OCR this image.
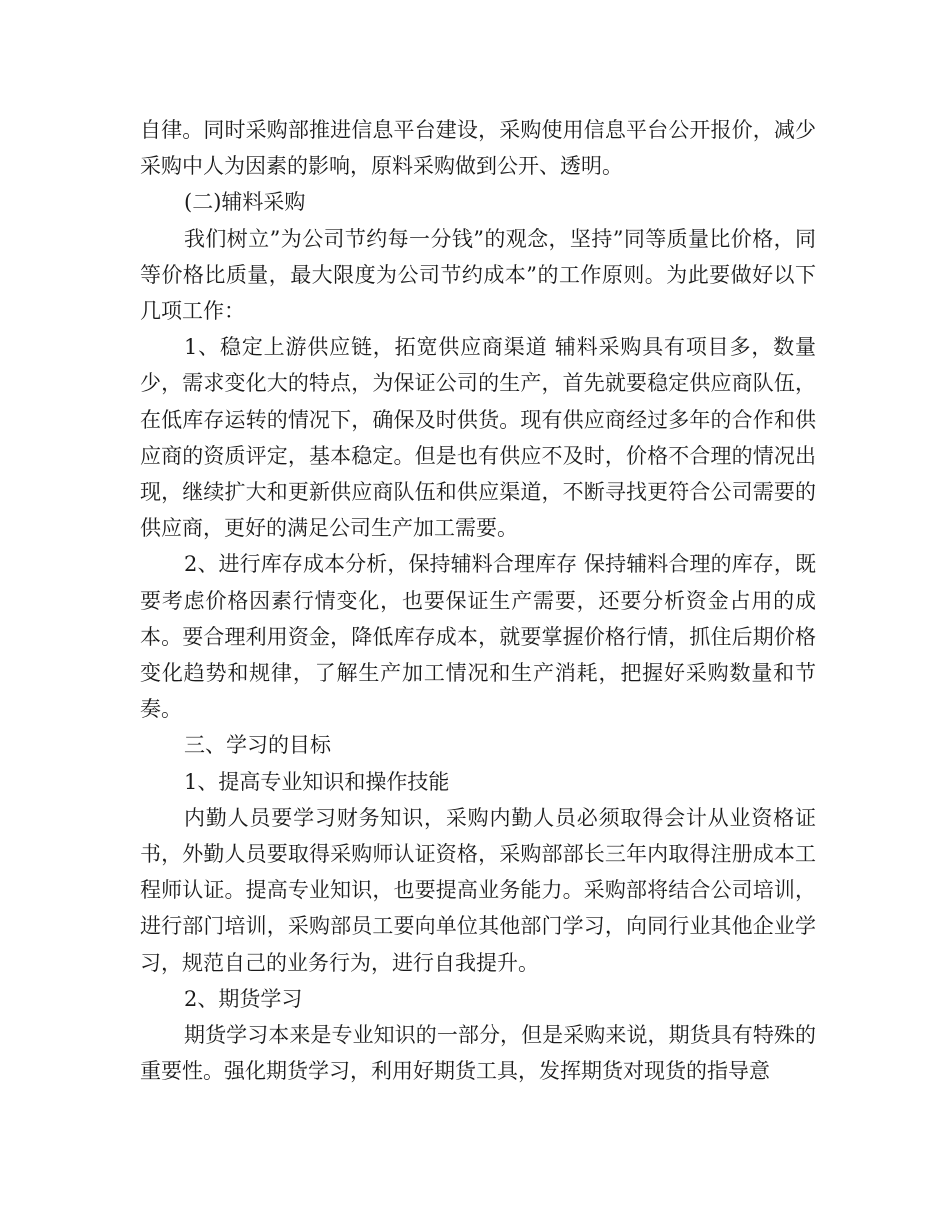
自律。同时采购部推进信息平台建设，采购使用信息平台公开报价，减少采购中人为因素的影响，原料采购做到公开、透明。

(二)辅料采购

我们树立”为公司节约每一分钱”的观念，坚持”同等质量比价格，同等价格比质量，最大限度为公司节约成本”的工作原则。为此要做好以下几项工作：

1、稳定上游供应链，拓宽供应商渠道 辅料采购具有项目多，数量少，需求变化大的特点，为保证公司的生产，首先就要稳定供应商队伍，在低库存运转的情况下，确保及时供货。现有供应商经过多年的合作和供应商的资质评定，基本稳定。但是也有供应不及时，价格不合理的情况出现，继续扩大和更新供应商队伍和供应渠道，不断寻找更符合公司需要的供应商，更好的满足公司生产加工需要。

2、进行库存成本分析，保持辅料合理库存 保持辅料合理的库存，既要考虑价格因素行情变化，也要保证生产需要，还要分析资金占用的成本。要合理利用资金，降低库存成本，就要掌握价格行情，抓住后期价格变化趋势和规律，了解生产加工情况和生产消耗，把握好采购数量和节奏。

三、学习的目标

1、提高专业知识和操作技能

内勤人员要学习财务知识，采购内勤人员必须取得会计从业资格证书，外勤人员要取得采购师认证资格，采购部部长三年内取得注册成本工程师认证。提高专业知识，也要提高业务能力。采购部将结合公司培训，进行部门培训，采购部员工要向单位其他部门学习，向同行业其他企业学习，规范自己的业务行为，进行自我提升。

2、期货学习

期货学习本来是专业知识的一部分，但是采购来说，期货具有特殊的重要性。强化期货学习，利用好期货工具，发挥期货对现货的指导意
